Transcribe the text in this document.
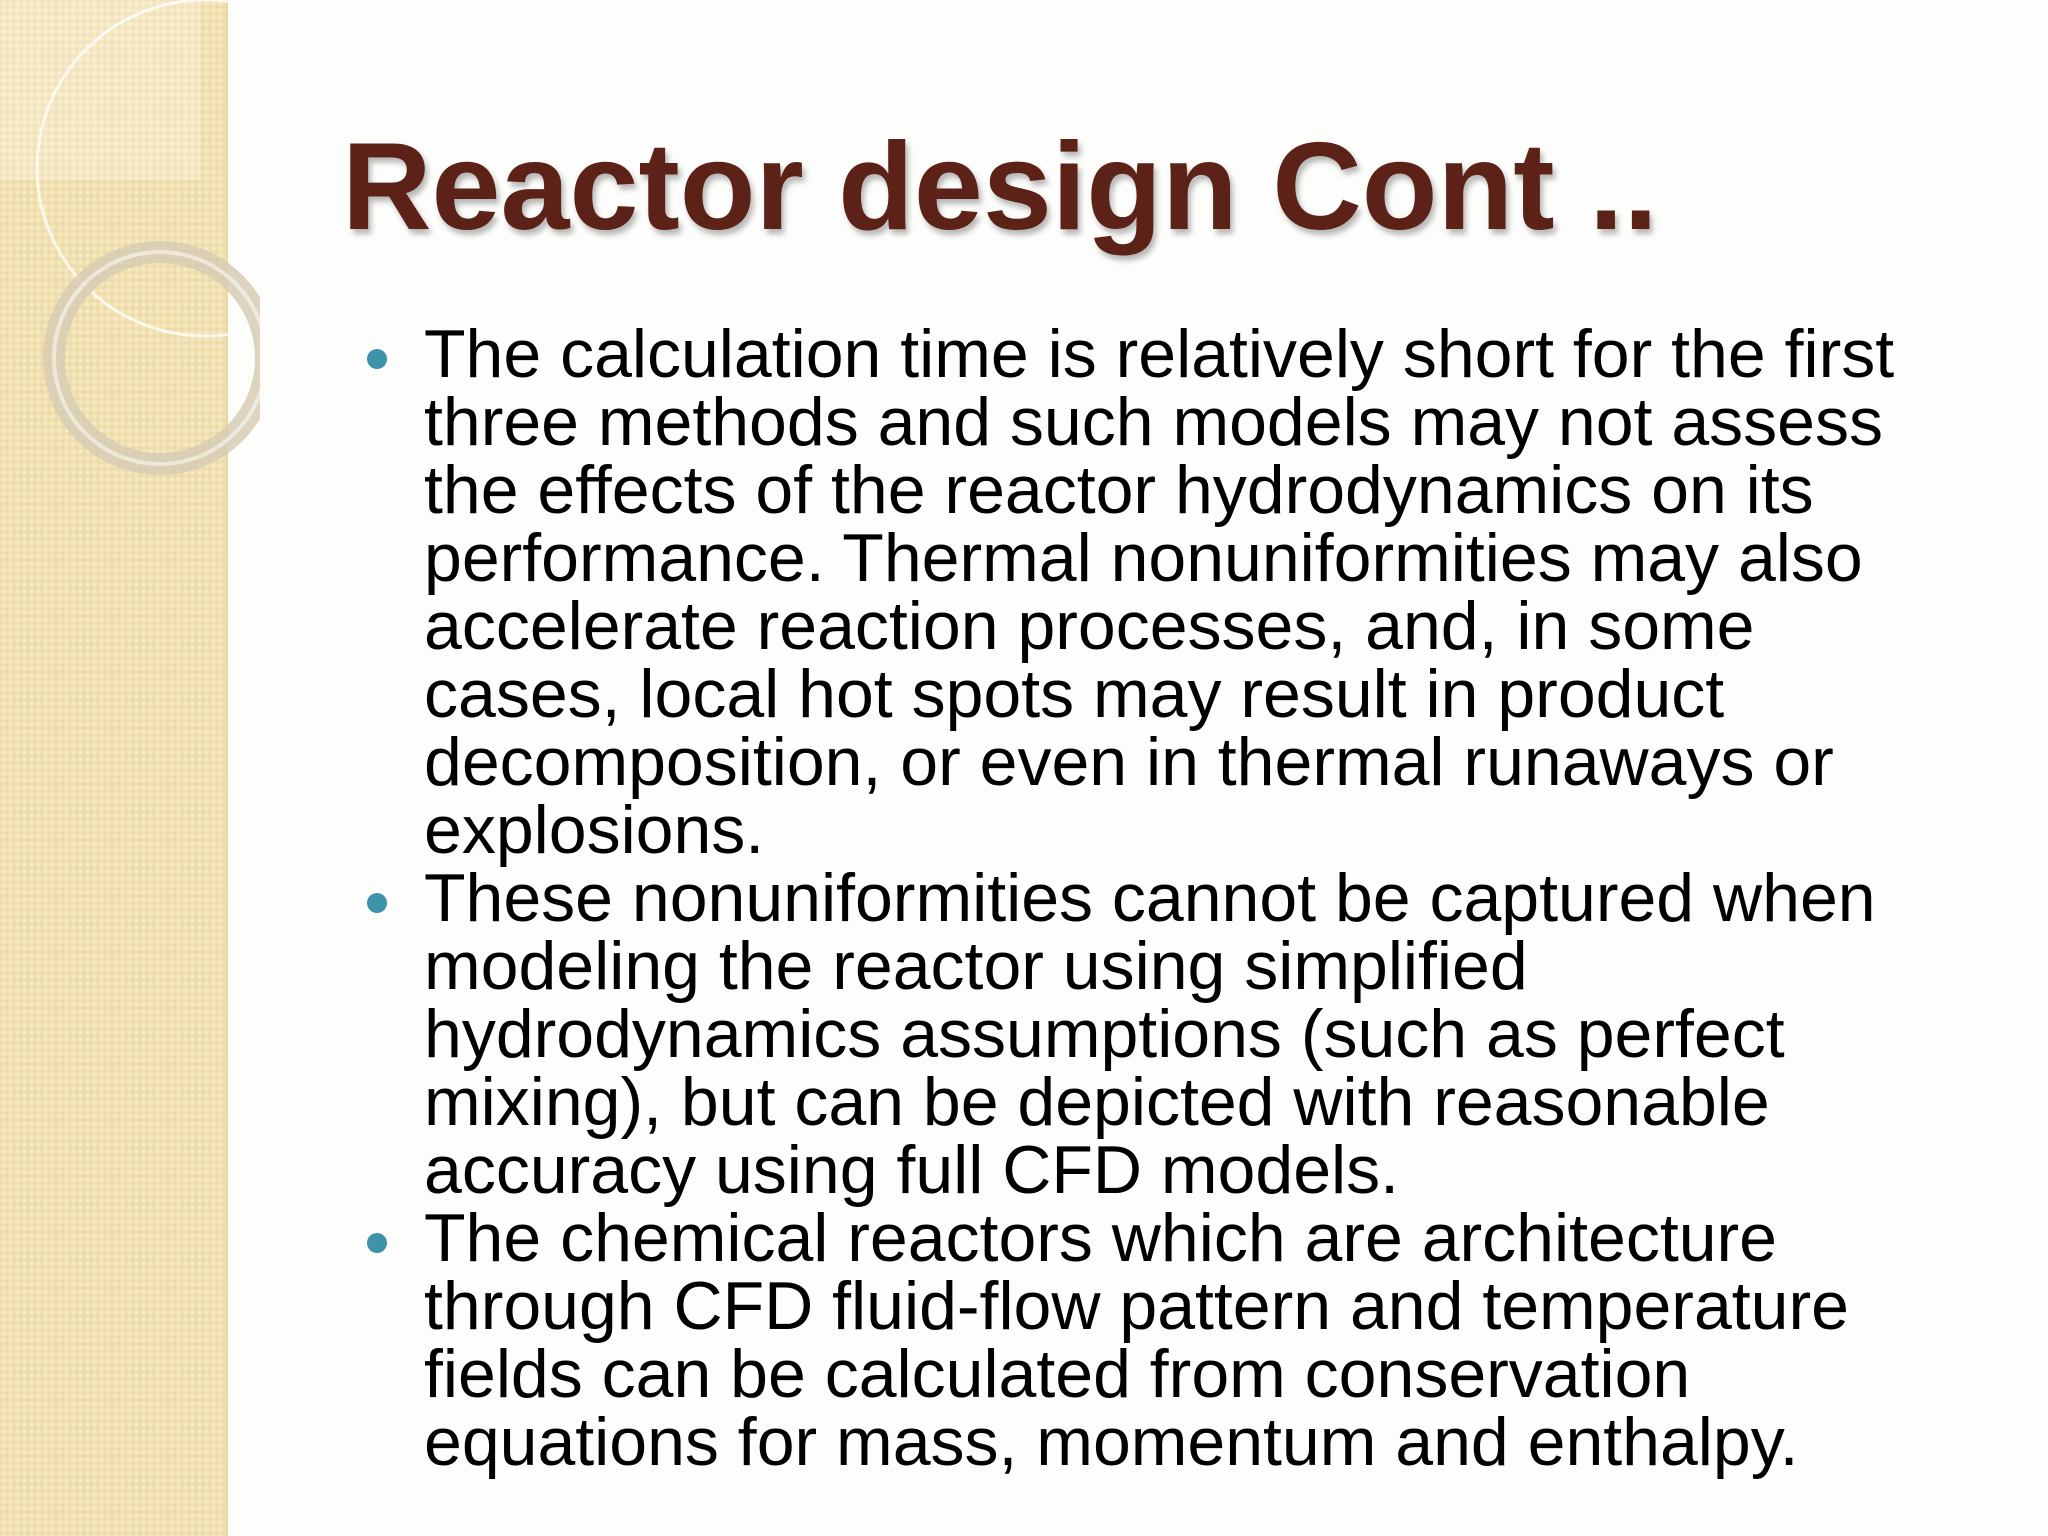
Reactor design Cont ..
The calculation time is relatively short for the first
three methods and such models may not assess
the effects of the reactor hydrodynamics on its
performance. Thermal nonuniformities may also
accelerate reaction processes, and, in some
cases, local hot spots may result in product
decomposition, or even in thermal runaways or
explosions.
These nonuniformities cannot be captured when
modeling the reactor using simplified
hydrodynamics assumptions (such as perfect
mixing), but can be depicted with reasonable
accuracy using full CFD models.
The chemical reactors which are architecture
through CFD fluid-flow pattern and temperature
fields can be calculated from conservation
equations for mass, momentum and enthalpy.
